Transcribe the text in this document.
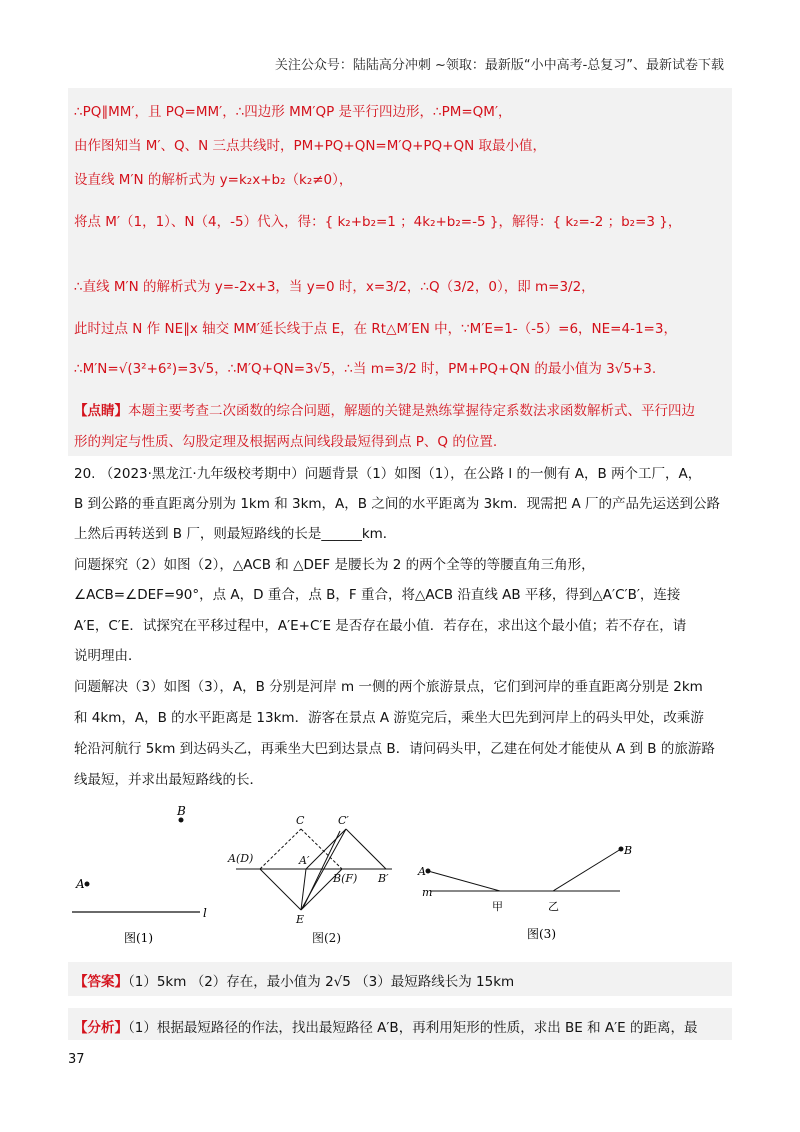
关注公众号：陆陆高分冲刺 ~领取：最新版“小中高考-总复习”、最新试卷下载
∴PQ∥MM′，且 PQ=MM′，∴四边形 MM′QP 是平行四边形，∴PM=QM′，
由作图知当 M′、Q、N 三点共线时，PM+PQ+QN=M′Q+PQ+QN 取最小值，
设直线 M′N 的解析式为 y=k₂x+b₂（k₂≠0），
将点 M′（1，1）、N（4，-5）代入，得：{ k₂+b₂=1 ；4k₂+b₂=-5 }，解得：{ k₂=-2 ；b₂=3 }，
∴直线 M′N 的解析式为 y=-2x+3，当 y=0 时，x=3/2，∴Q（3/2，0），即 m=3/2，
此时过点 N 作 NE∥x 轴交 MM′延长线于点 E，在 Rt△M′EN 中，∵M′E=1-（-5）=6，NE=4-1=3，
∴M′N=√(3²+6²)=3√5，∴M′Q+QN=3√5，∴当 m=3/2 时，PM+PQ+QN 的最小值为 3√5+3.
【点睛】本题主要考查二次函数的综合问题，解题的关键是熟练掌握待定系数法求函数解析式、平行四边
形的判定与性质、勾股定理及根据两点间线段最短得到点 P、Q 的位置.
20. （2023·黑龙江·九年级校考期中）问题背景（1）如图（1），在公路 l 的一侧有 A，B 两个工厂，A，
B 到公路的垂直距离分别为 1km 和 3km，A，B 之间的水平距离为 3km．现需把 A 厂的产品先运送到公路
上然后再转送到 B 厂，则最短路线的长是______km．
问题探究（2）如图（2），△ACB 和 △DEF 是腰长为 2 的两个全等的等腰直角三角形，
∠ACB=∠DEF=90°，点 A，D 重合，点 B，F 重合，将△ACB 沿直线 AB 平移，得到△A′C′B′，连接
A′E，C′E．试探究在平移过程中，A′E+C′E 是否存在最小值．若存在，求出这个最小值；若不存在，请
说明理由．
问题解决（3）如图（3），A，B 分别是河岸 m 一侧的两个旅游景点，它们到河岸的垂直距离分别是 2km
和 4km，A，B 的水平距离是 13km．游客在景点 A 游览完后，乘坐大巴先到河岸上的码头甲处，改乘游
轮沿河航行 5km 到达码头乙，再乘坐大巴到达景点 B．请问码头甲，乙建在何处才能使从 A 到 B 的旅游路
线最短，并求出最短路线的长．
B
A
l
图(1)
C	C′
A(D)	A′
B(F) B′
E
图(2)
m
A
B
甲	乙
图(3)
【答案】（1）5km （2）存在，最小值为 2√5 （3）最短路线长为 15km
【分析】（1）根据最短路径的作法，找出最短路径 A′B，再利用矩形的性质，求出 BE 和 A′E 的距离，最
37
